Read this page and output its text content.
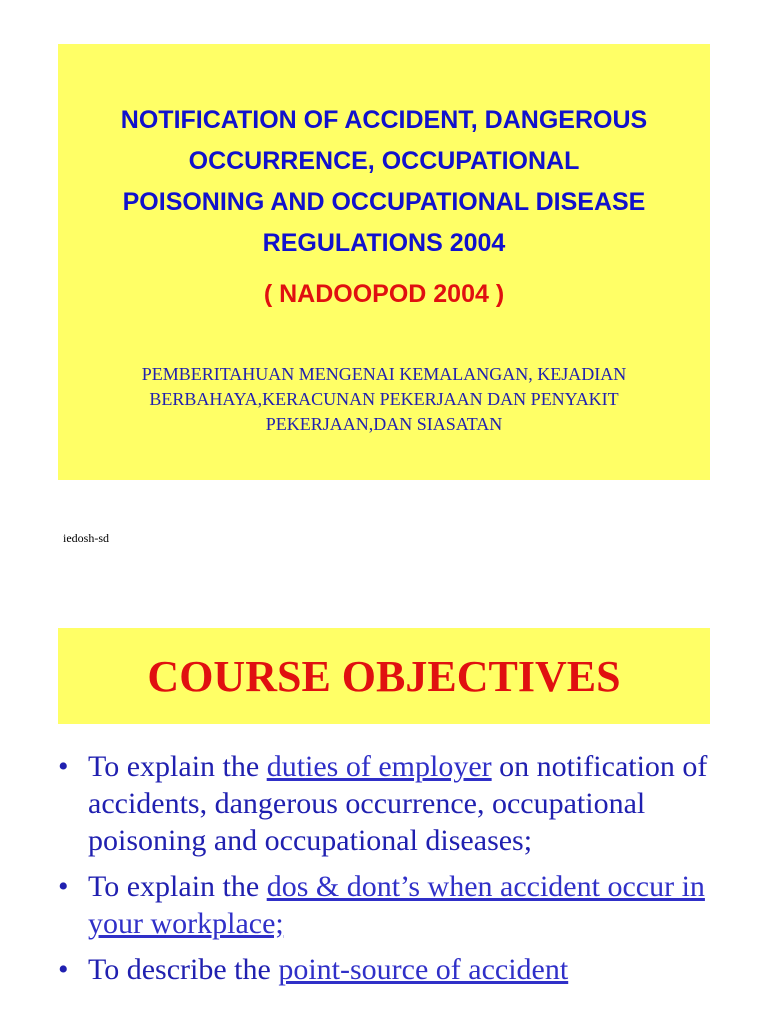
NOTIFICATION OF ACCIDENT, DANGEROUS
OCCURRENCE, OCCUPATIONAL
POISONING AND OCCUPATIONAL DISEASE
REGULATIONS 2004
( NADOOPOD 2004 )
PEMBERITAHUAN MENGENAI KEMALANGAN, KEJADIAN
BERBAHAYA,KERACUNAN PEKERJAAN DAN PENYAKIT
PEKERJAAN,DAN SIASATAN
iedosh-sd
COURSE OBJECTIVES
• To explain the duties of employer on notification of accidents, dangerous occurrence, occupational poisoning and occupational diseases;
• To explain the dos & dont’s when accident occur in your workplace;
• To describe the point-source of accident
